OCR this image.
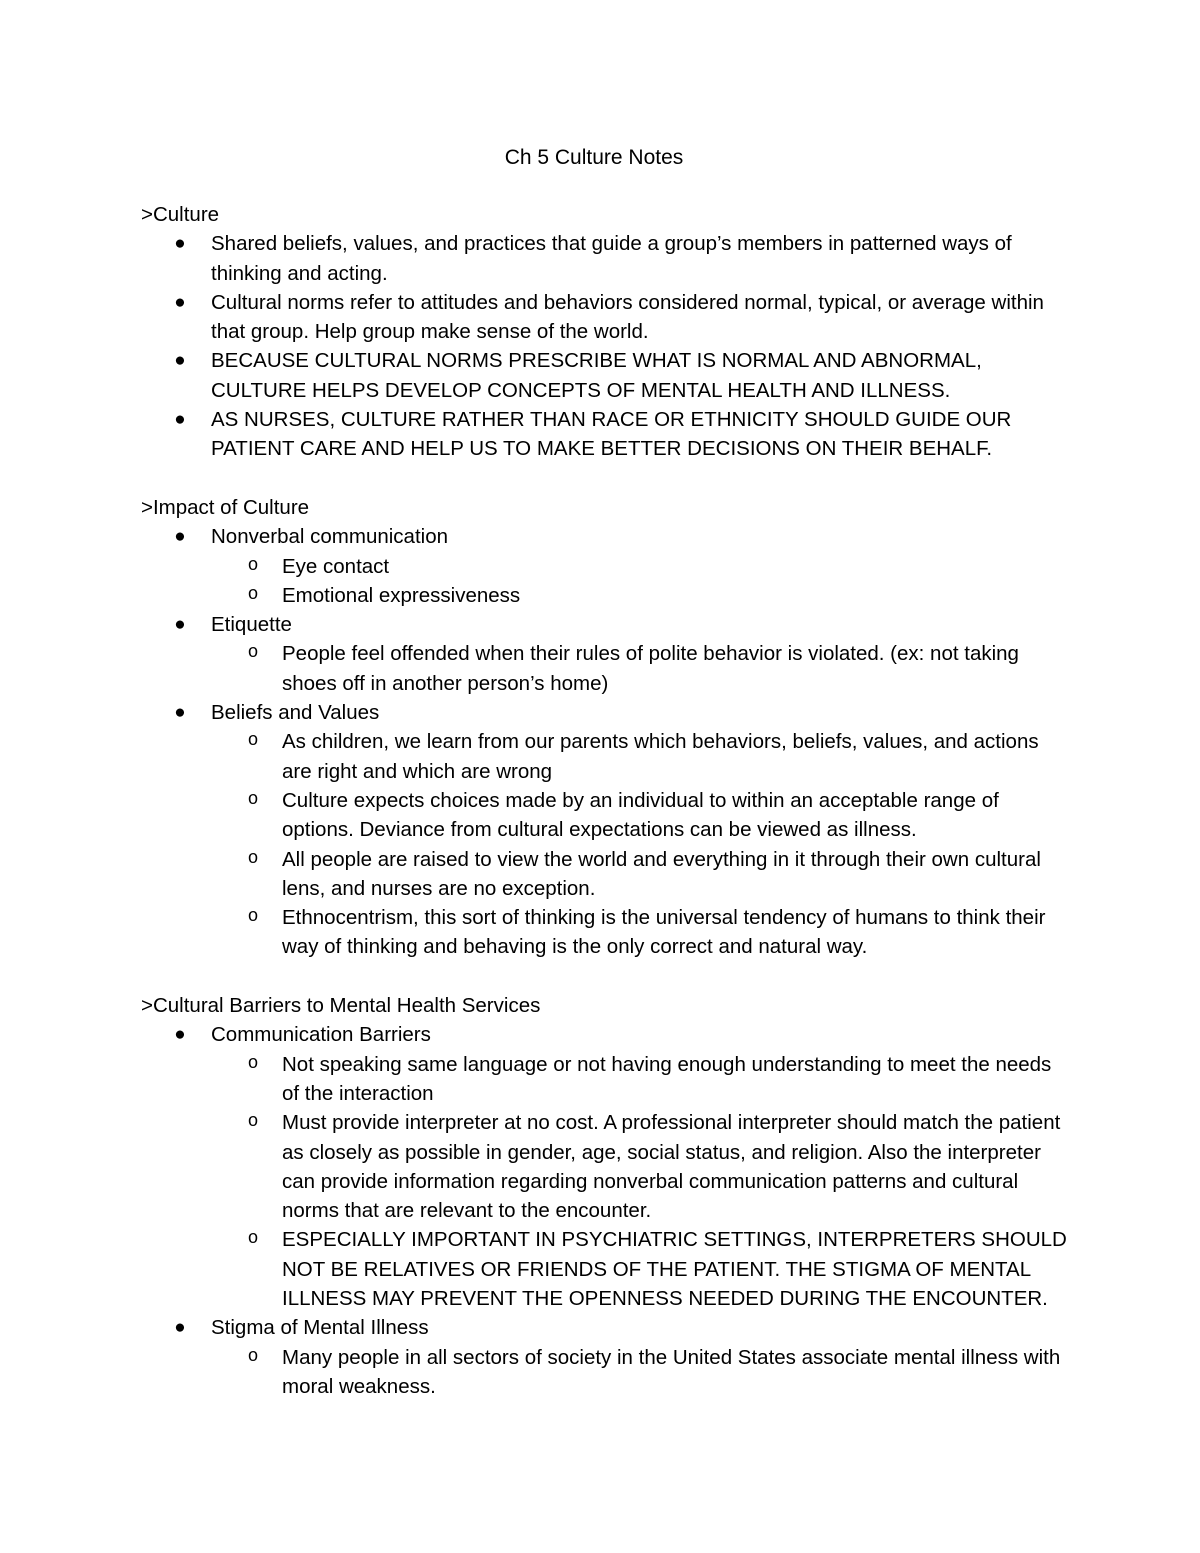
Ch 5 Culture Notes
>Culture
● Shared beliefs, values, and practices that guide a group’s members in patterned ways of thinking and acting.
● Cultural norms refer to attitudes and behaviors considered normal, typical, or average within that group. Help group make sense of the world.
● BECAUSE CULTURAL NORMS PRESCRIBE WHAT IS NORMAL AND ABNORMAL, CULTURE HELPS DEVELOP CONCEPTS OF MENTAL HEALTH AND ILLNESS.
● AS NURSES, CULTURE RATHER THAN RACE OR ETHNICITY SHOULD GUIDE OUR PATIENT CARE AND HELP US TO MAKE BETTER DECISIONS ON THEIR BEHALF.
>Impact of Culture
● Nonverbal communication
o Eye contact
o Emotional expressiveness
● Etiquette
o People feel offended when their rules of polite behavior is violated. (ex: not taking shoes off in another person’s home)
● Beliefs and Values
o As children, we learn from our parents which behaviors, beliefs, values, and actions are right and which are wrong
o Culture expects choices made by an individual to within an acceptable range of options. Deviance from cultural expectations can be viewed as illness.
o All people are raised to view the world and everything in it through their own cultural lens, and nurses are no exception.
o Ethnocentrism, this sort of thinking is the universal tendency of humans to think their way of thinking and behaving is the only correct and natural way.
>Cultural Barriers to Mental Health Services
● Communication Barriers
o Not speaking same language or not having enough understanding to meet the needs of the interaction
o Must provide interpreter at no cost. A professional interpreter should match the patient as closely as possible in gender, age, social status, and religion. Also the interpreter can provide information regarding nonverbal communication patterns and cultural norms that are relevant to the encounter.
o ESPECIALLY IMPORTANT IN PSYCHIATRIC SETTINGS, INTERPRETERS SHOULD NOT BE RELATIVES OR FRIENDS OF THE PATIENT. THE STIGMA OF MENTAL ILLNESS MAY PREVENT THE OPENNESS NEEDED DURING THE ENCOUNTER.
● Stigma of Mental Illness
o Many people in all sectors of society in the United States associate mental illness with moral weakness.
